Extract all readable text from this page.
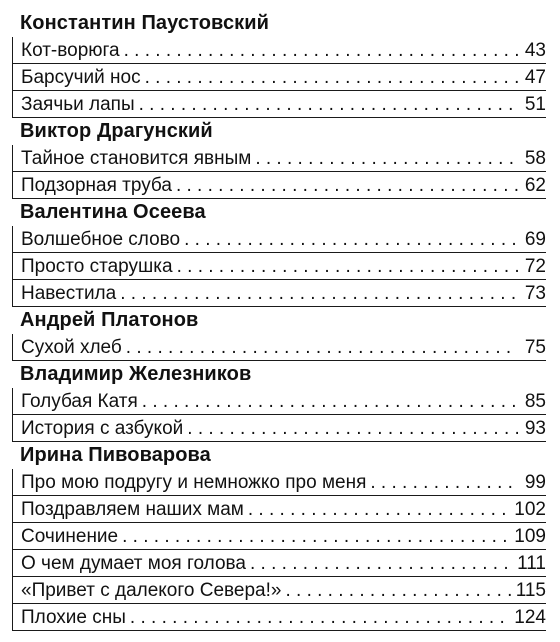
Константин Паустовский
Кот-ворюга . . .	43
Барсучий нос . . .	47
Заячьи лапы . . .	51
Виктор Драгунский
Тайное становится явным . . .	58
Подзорная труба . . .	62
Валентина Осеева
Волшебное слово . . .	69
Просто старушка . . .	72
Навестила . . .	73
Андрей Платонов
Сухой хлеб . . .	75
Владимир Железников
Голубая Катя . . .	85
История с азбукой . . .	93
Ирина Пивоварова
Про мою подругу и немножко про меня . . .	99
Поздравляем наших мам . . .	102
Сочинение . . .	109
О чем думает моя голова . . .	111
«Привет с далекого Севера!» . . .	115
Плохие сны . . .	124
